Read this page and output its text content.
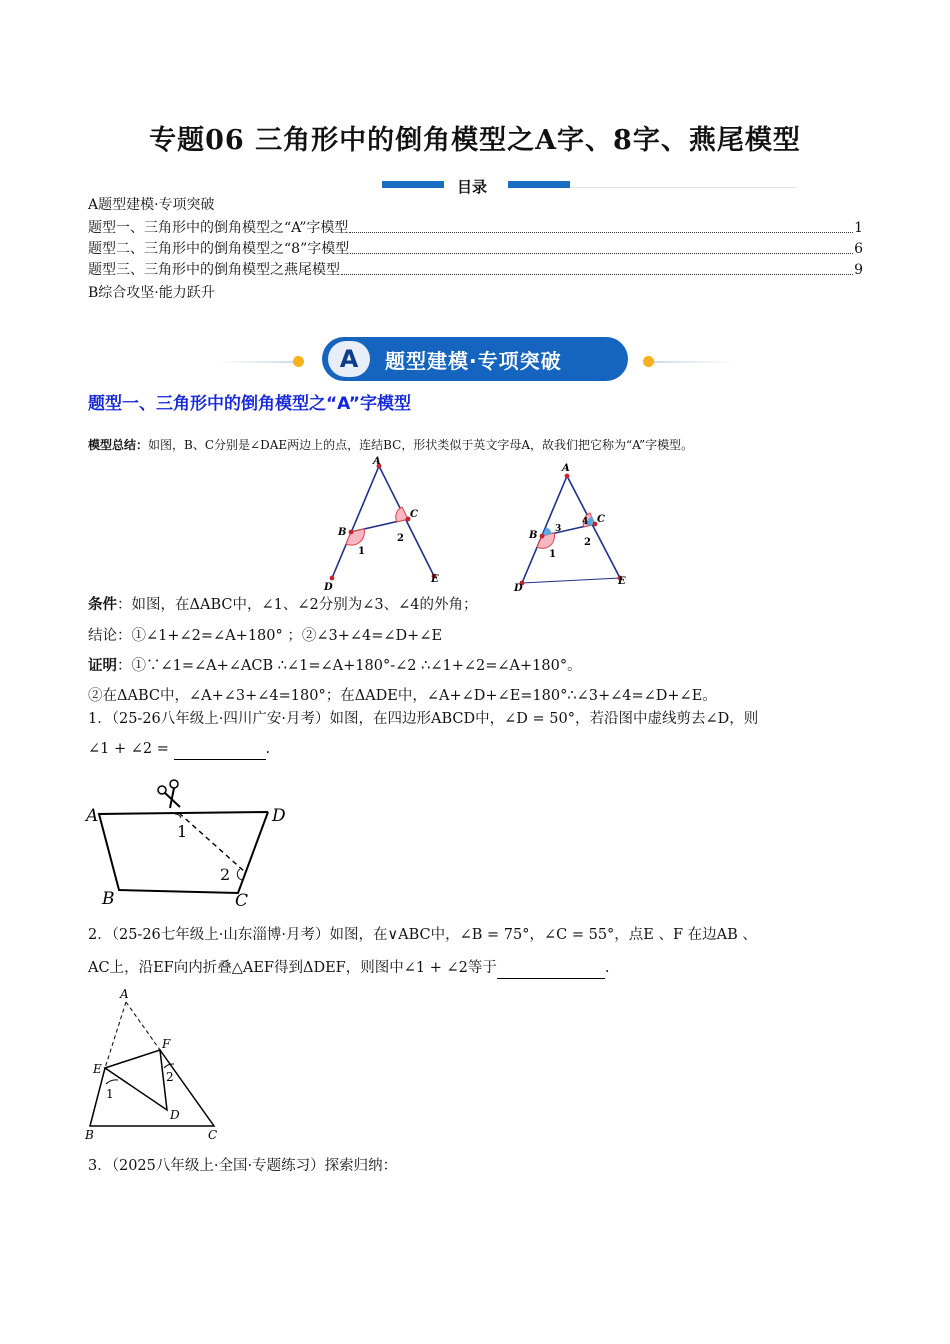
专题06 三角形中的倒角模型之A字、8字、燕尾模型
目录
A题型建模·专项突破
题型一、三角形中的倒角模型之“A”字模型	1
题型二、三角形中的倒角模型之“8”字模型	6
题型三、三角形中的倒角模型之燕尾模型	9
B综合攻坚·能力跃升
A	题型建模·专项突破
题型一、三角形中的倒角模型之“A”字模型
模型总结：如图，B、C分别是∠DAE两边上的点，连结BC，形状类似于英文字母A，故我们把它称为“A”字模型。
A
B
C
D
E
1
2
A
B
C
D
E
1
2
3
4
条件：如图，在ΔABC中，∠1、∠2分别为∠3、∠4的外角；
结论：①∠1+∠2=∠A+180° ；②∠3+∠4=∠D+∠E
证明：①∵∠1=∠A+∠ACB ∴∠1=∠A+180°-∠2 ∴∠1+∠2=∠A+180°。
②在ΔABC中，∠A+∠3+∠4=180°；在ΔADE中，∠A+∠D+∠E=180°∴∠3+∠4=∠D+∠E。
1．（25-26八年级上·四川广安·月考）如图，在四边形ABCD中，∠D = 50°，若沿图中虚线剪去∠D，则
∠1 + ∠2 =	.
A	D
B	C
1
2
2．（25-26七年级上·山东淄博·月考）如图，在∨ABC中，∠B = 75°，∠C = 55°，点E 、F 在边AB 、
AC上，沿EF向内折叠△AEF得到ΔDEF，则图中∠1 + ∠2等于	.
A
E
F
D
B	C
1
2
3．（2025八年级上·全国·专题练习）探索归纳：
